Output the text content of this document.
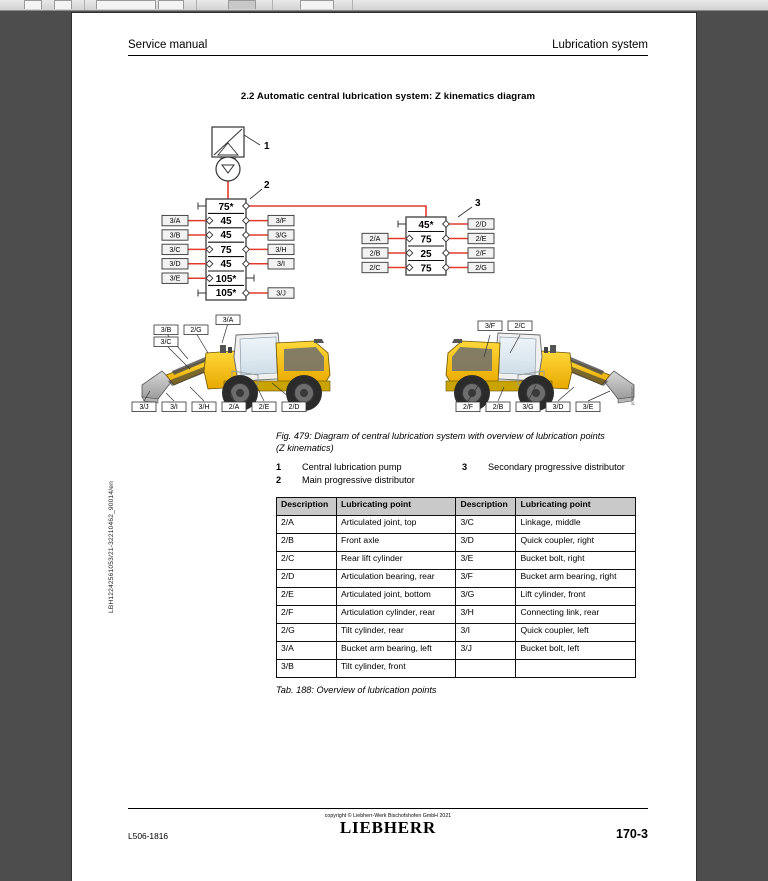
Service manual	Lubrication system
2.2 Automatic central lubrication system: Z kinematics diagram
1
2
3
75*
45
45
75
45
105*
105*
3/A
3/B
3/C
3/D
3/E
3/F
3/G
3/H
3/I
3/J
45*
75
25
75
2/A
2/B
2/C
2/D
2/E
2/F
2/G
3/A
3/B	2/G
3/C
3/F	2/C
3/J	3/I	3/H	2/A	2/E	2/D	2/F	2/B	3/G	3/D	3/E
p0503640
Fig. 479: Diagram of central lubrication system with overview of lubrication points
(Z kinematics)
1	Central lubrication pump	3	Secondary progressive distributor
2	Main progressive distributor
Description	Lubricating point	Description	Lubricating point
2/A	Articulated joint, top	3/C	Linkage, middle
2/B	Front axle	3/D	Quick coupler, right
2/C	Rear lift cylinder	3/E	Bucket bolt, right
2/D	Articulation bearing, rear	3/F	Bucket arm bearing, right
2/E	Articulated joint, bottom	3/G	Lift cylinder, front
2/F	Articulation cylinder, rear	3/H	Connecting link, rear
2/G	Tilt cylinder, rear	3/I	Quick coupler, left
3/A	Bucket arm bearing, left	3/J	Bucket bolt, left
3/B	Tilt cylinder, front		
Tab. 188: Overview of lubrication points
LBH12242561053/21-32210462_90014/en
L506-1816
copyright © Liebherr-Werk Bischofshofen GmbH 2021
LIEBHERR	170-3
